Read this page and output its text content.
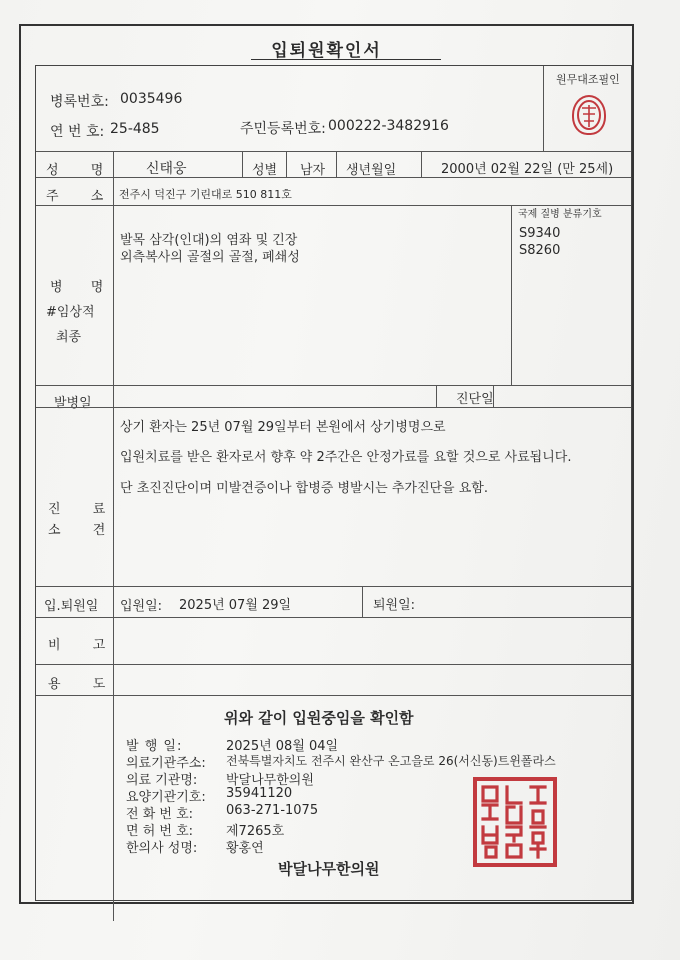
입퇴원확인서
원무대조필인
병록번호: 0035496
연 번 호: 25-485	주민등록번호: 000222-3482916
성 명 신태웅	성별 남자 생년월일	2000년 02월 22일 (만 25세)
주 소 전주시 덕진구 기린대로 510 811호
국제 질병 분류기호
S9340
S8260
발목 삼각(인대)의 염좌 및 긴장
외측복사의 골절의 골절, 폐쇄성
병 명
#임상적
최종
발병일	진단일
상기 환자는 25년 07월 29일부터 본원에서 상기병명으로
입원치료를 받은 환자로서 향후 약 2주간은 안정가료를 요할 것으로 사료됩니다.
단 초진진단이며 미발견증이나 합병증 병발시는 추가진단을 요함.
진 료
소 견
입.퇴원일 입원일: 2025년 07월 29일	퇴원일:
비 고
용 도
위와 같이 입원중임을 확인함
발 행 일:	2025년 08월 04일
의료기관주소: 전북특별자치도 전주시 완산구 온고을로 26(서신동)트윈폴라스
의료 기관명: 박달나무한의원
요양기관기호: 35941120
전 화 번 호:	063-271-1075
면 허 번 호:	제7265호
한의사 성명: 황홍연
박달나무한의원
